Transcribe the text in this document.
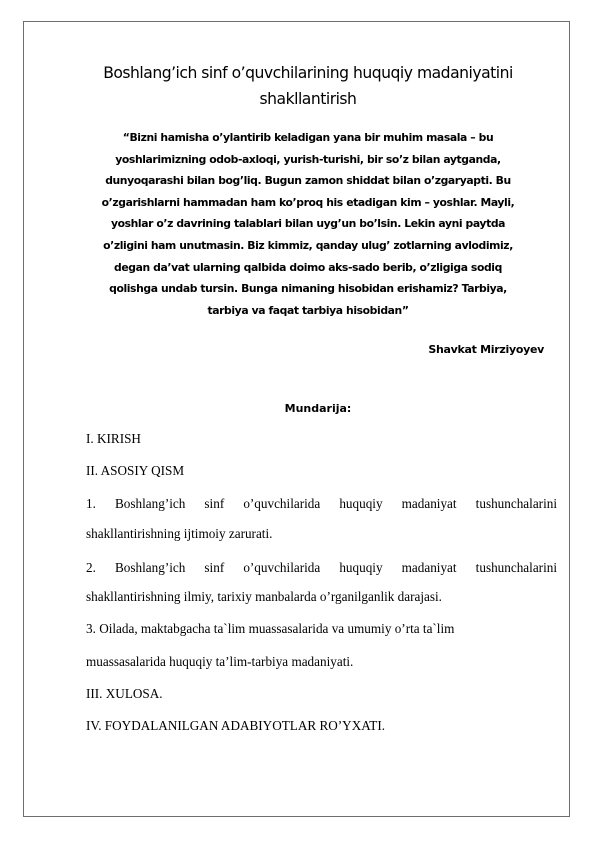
Boshlang’ich sinf o’quvchilarining huquqiy madaniyatini shakllantirish
“Bizni hamisha o’ylantirib keladigan yana bir muhim masala – bu yoshlarimizning odob-axloqi, yurish-turishi, bir so’z bilan aytganda, dunyoqarashi bilan bog’liq. Bugun zamon shiddat bilan o’zgaryapti. Bu o’zgarishlarni hammadan ham ko’proq his etadigan kim – yoshlar. Mayli, yoshlar o’z davrining talablari bilan uyg’un bo’lsin. Lekin ayni paytda o’zligini ham unutmasin. Biz kimmiz, qanday ulug’ zotlarning avlodimiz, degan da’vat ularning qalbida doimo aks-sado berib, o’zligiga sodiq qolishga undab tursin. Bunga nimaning hisobidan erishamiz? Tarbiya, tarbiya va faqat tarbiya hisobidan”
Shavkat Mirziyoyev
Mundarija:
I. KIRISH
II. ASOSIY QISM
1. Boshlang’ich sinf o’quvchilarida huquqiy madaniyat tushunchalarini
shakllantirishning ijtimoiy zarurati.
2. Boshlang’ich sinf o’quvchilarida huquqiy madaniyat tushunchalarini
shakllantirishning ilmiy, tarixiy manbalarda o’rganilganlik darajasi.
3. Oilada, maktabgacha ta`lim muassasalarida va umumiy o’rta ta`lim
muassasalarida huquqiy ta’lim-tarbiya madaniyati.
III. XULOSA.
IV. FOYDALANILGAN ADABIYOTLAR RO’YXATI.
